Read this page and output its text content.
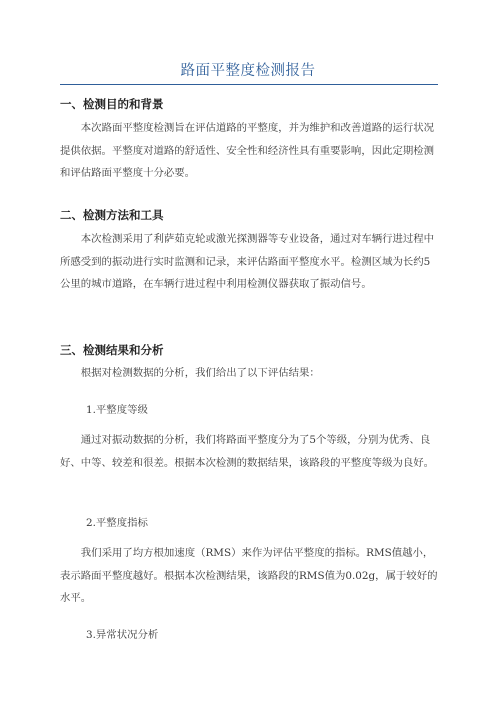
路面平整度检测报告
一、检测目的和背景

本次路面平整度检测旨在评估道路的平整度，并为维护和改善道路的运行状况提供依据。平整度对道路的舒适性、安全性和经济性具有重要影响，因此定期检测和评估路面平整度十分必要。

二、检测方法和工具

本次检测采用了利萨茹克轮或激光探测器等专业设备，通过对车辆行进过程中所感受到的振动进行实时监测和记录，来评估路面平整度水平。检测区域为长约5公里的城市道路，在车辆行进过程中利用检测仪器获取了振动信号。

三、检测结果和分析

根据对检测数据的分析，我们给出了以下评估结果：

1.平整度等级

通过对振动数据的分析，我们将路面平整度分为了5个等级，分别为优秀、良好、中等、较差和很差。根据本次检测的数据结果，该路段的平整度等级为良好。

2.平整度指标

我们采用了均方根加速度（RMS）来作为评估平整度的指标。RMS值越小，表示路面平整度越好。根据本次检测结果，该路段的RMS值为0.02g，属于较好的水平。

3.异常状况分析
